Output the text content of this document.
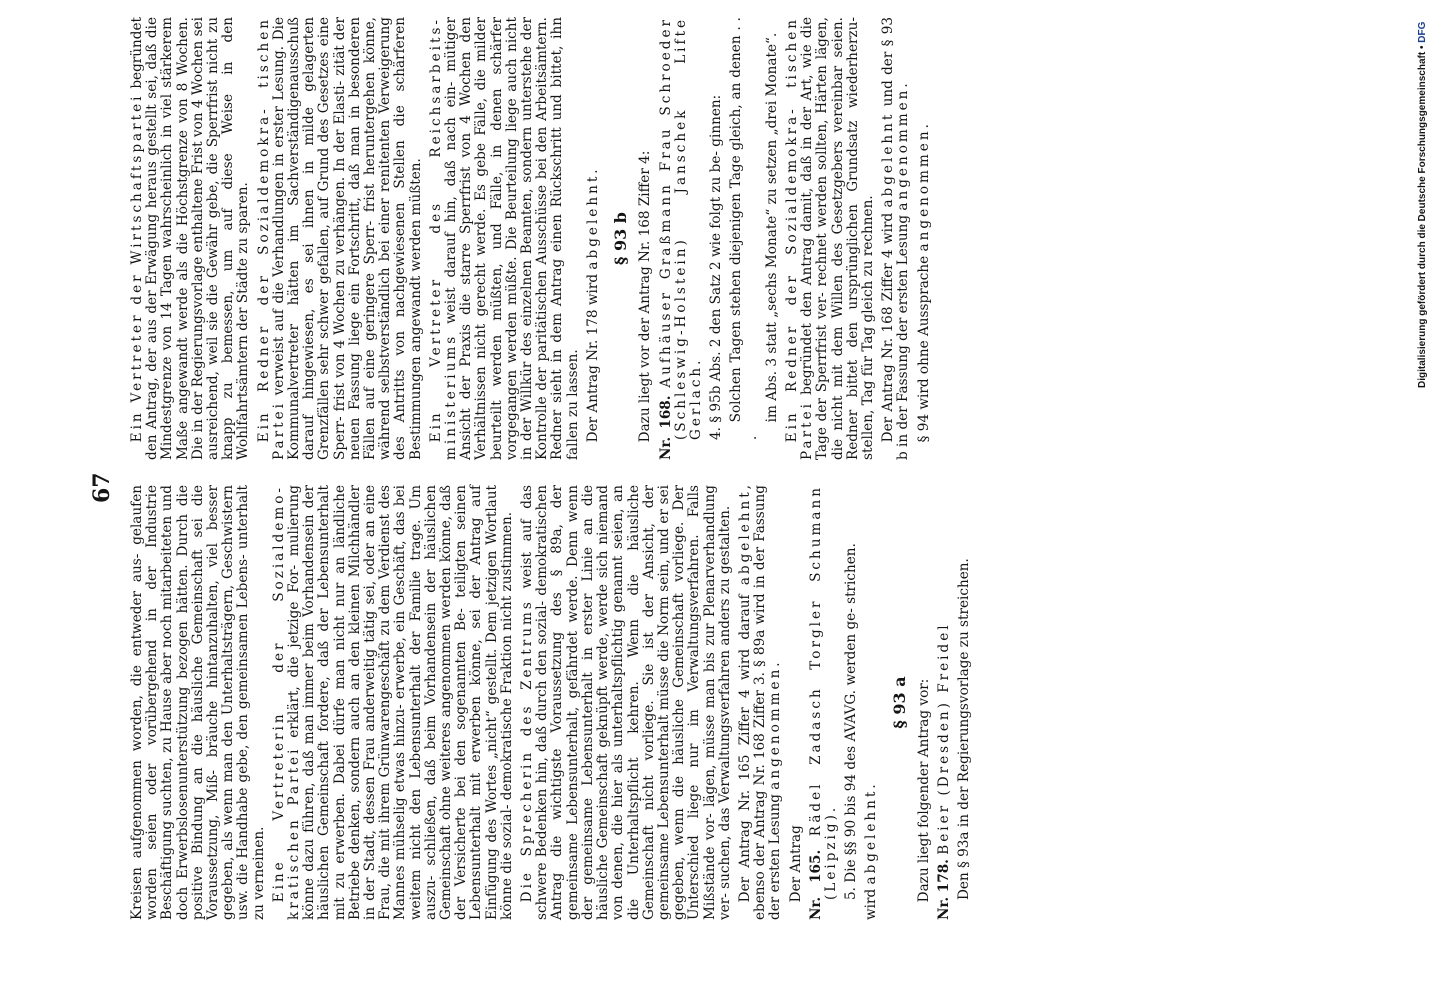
67 Kreisen aufgenommen worden, die entweder aus- gelaufen worden seien oder vorübergehend in der Industrie Beschäftigung suchten, zu Hause aber noch mitarbeiteten und doch Erwerbslosenunterstützung bezogen hätten. Durch die positive Bindung an die häusliche Gemeinschaft sei die Voraussetzung, Miß- bräuche hintanzuhalten, viel besser gegeben, als wenn man den Unterhaltsträgern, Geschwistern usw. die Handhabe gebe, den gemeinsamen Lebens- unterhalt zu verneinen. Eine Vertreterin der Sozialdemo- kratischen Partei erklärt, die jetzige For- mulierung könne dazu führen, daß man immer beim Vorhandensein der häuslichen Gemeinschaft fordere, daß der Lebensunterhalt mit zu erwerben. Dabei dürfe man nicht nur an ländliche Betriebe denken, sondern auch an den kleinen Milchhändler in der Stadt, dessen Frau anderweitig tätig sei, oder an eine Frau, die mit ihrem Grünwarengeschäft zu dem Verdienst des Mannes mühselig etwas hinzu- erwerbe, ein Geschäft, das bei weitem nicht den Lebensunterhalt der Familie trage. Um auszu- schließen, daß beim Vorhandensein der häuslichen Gemeinschaft ohne weiteres angenommen werden könne, daß der Versicherte bei den sogenannten Be- teiligten seinen Lebensunterhalt mit erwerben könne, sei der Antrag auf Einfügung des Wortes „nicht“ gestellt. Dem jetzigen Wortlaut könne die sozial- demokratische Fraktion nicht zustimmen. Die Sprecherin des Zentrums weist auf das schwere Bedenken hin, daß durch den sozial- demokratischen Antrag die wichtigste Voraussetzung des § 89a, der gemeinsame Lebensunterhalt, gefährdet werde. Denn wenn der gemeinsame Lebensunterhalt in erster Linie an die häusliche Gemeinschaft geknüpft werde, werde sich niemand von denen, die hier als unterhaltspflichtig genannt seien, an die Unterhaltspflicht kehren. Wenn die häusliche Gemeinschaft nicht vorliege. Sie ist der Ansicht, der gemeinsame Lebensunterhalt müsse die Norm sein, und er sei gegeben, wenn die häusliche Gemeinschaft vorliege. Der Unterschied liege nur im Verwaltungsverfahren. Falls Mißstände vor- lägen, müsse man bis zur Plenarverhandlung ver- suchen, das Verwaltungsverfahren anders zu gestalten. Der Antrag Nr. 165 Ziffer 4 wird darauf abgelehnt, ebenso der Antrag Nr. 168 Ziffer 3. § 89a wird in der Fassung der ersten Lesung angenommen.

Der Antrag Nr. 165. Rädel Zadasch Torgler Schumann (Leipzig). 5. Die §§ 90 bis 94 des AVAVG. werden ge- strichen.

wird abgelehnt.

§ 93 a Dazu liegt folgender Antrag vor: Nr. 178. Beier (Dresden) Freidel Den § 93a in der Regierungsvorlage zu streichen.

Ein Vertreter der Wirtschaftspartei begründet den Antrag, der aus der Erwägung heraus gestellt sei, daß die Mindestgrenze von 14 Tagen wahrscheinlich in viel stärkerem Maße angewandt werde als die Höchstgrenze von 8 Wochen. Die in der Regierungsvorlage enthaltene Frist von 4 Wochen sei ausreichend, weil sie die Gewähr gebe, die Sperrfrist nicht zu knapp zu bemessen, um auf diese Weise in den Wohlfahrtsämtern der Städte zu sparen. Ein Redner der Sozialdemokra- tischen Partei verweist auf die Verhandlungen in erster Lesung. Die Kommunalvertreter hätten im Sachverständigenausschuß darauf hingewiesen, es sei ihnen in milde gelagerten Grenzfällen sehr schwer gefallen, auf Grund des Gesetzes eine Sperr- frist von 4 Wochen zu verhängen. In der Elasti- zität der neuen Fassung liege ein Fortschritt, daß man in besonderen Fällen auf eine geringere Sperr- frist heruntergehen könne, während selbstverständlich bei einer renitenten Verweigerung des Antritts von nachgewiesenen Stellen die schärferen Bestimmungen angewandt werden müßten. Ein Vertreter des Reichsarbeits- ministeriums weist darauf hin, daß nach ein- mütiger Ansicht der Praxis die starre Sperrfrist von 4 Wochen den Verhältnissen nicht gerecht werde. Es gebe Fälle, die milder beurteilt werden müßten, und Fälle, in denen schärfer vorgegangen werden müßte. Die Beurteilung liege auch nicht in der Willkür des einzelnen Beamten, sondern unterstehe der Kontrolle der paritätischen Ausschüsse bei den Arbeitsämtern. Redner sieht in dem Antrag einen Rückschritt und bittet, ihn fallen zu lassen. Der Antrag Nr. 178 wird abgelehnt.

§ 93 b Dazu liegt vor der Antrag Nr. 168 Ziffer 4: Nr. 168. Aufhäuser Graßmann Frau Schroeder (Schleswig-Holstein) Janschek Lifte Gerlach. 4. § 95b Abs. 2 den Satz 2 wie folgt zu be- ginnen: Solchen Tagen stehen diejenigen Tage gleich, an denen . . .

im Abs. 3 statt „sechs Monate“ zu setzen „drei Monate“. Ein Redner der Sozialdemokra- tischen Partei begründet den Antrag damit, daß in der Art, wie die Tage der Sperrfrist ver- rechnet werden sollten, Härten lägen, die nicht mit dem Willen des Gesetzgebers vereinbar seien. Redner bittet den ursprünglichen Grundsatz wiederherzu- stellen, Tag für Tag gleich zu rechnen. Der Antrag Nr. 168 Ziffer 4 wird abgelehnt und der § 93 b in der Fassung der ersten Lesung angenommen.

§ 94 wird ohne Aussprache angenommen.	Digitalisierung gefördert durch die Deutsche Forschungsgemeinschaft • DFG
